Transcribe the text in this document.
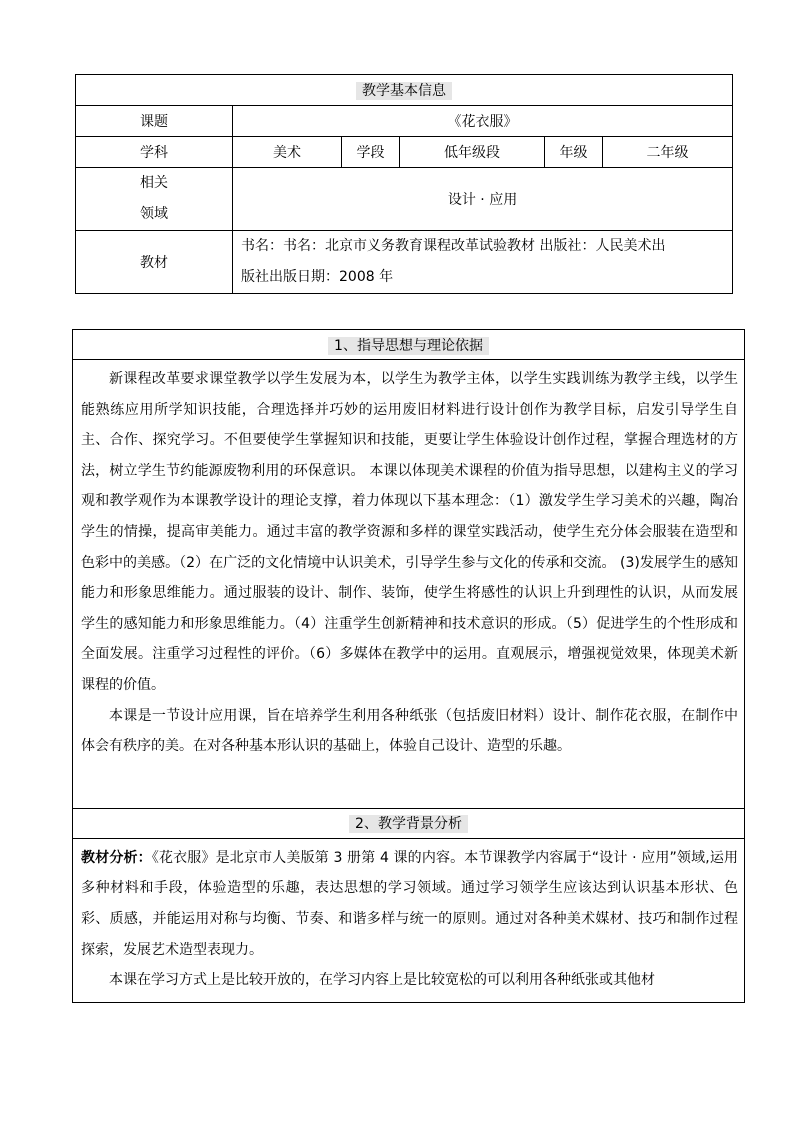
教学基本信息					
课题	《花衣服》				
学科	美术	学段	低年级段	年级	二年级

相关
领域	设计 · 应用				
教材	书名：书名：北京市义务教育课程改革试验教材 出版社：人民美术出
版社出版日期：2008 年				
1、指导思想与理论依据

新课程改革要求课堂教学以学生发展为本，以学生为教学主体，以学生实践训练为教学主线，以学生能熟练应用所学知识技能，合理选择并巧妙的运用废旧材料进行设计创作为教学目标，启发引导学生自主、合作、探究学习。不但要使学生掌握知识和技能，更要让学生体验设计创作过程，掌握合理选材的方法，树立学生节约能源废物利用的环保意识。 本课以体现美术课程的价值为指导思想，以建构主义的学习观和教学观作为本课教学设计的理论支撑，着力体现以下基本理念：（1）激发学生学习美术的兴趣，陶冶学生的情操，提高审美能力。通过丰富的教学资源和多样的课堂实践活动，使学生充分体会服装在造型和色彩中的美感。（2）在广泛的文化情境中认识美术，引导学生参与文化的传承和交流。 (3)发展学生的感知能力和形象思维能力。通过服装的设计、制作、装饰，使学生将感性的认识上升到理性的认识，从而发展学生的感知能力和形象思维能力。（4）注重学生创新精神和技术意识的形成。（5）促进学生的个性形成和全面发展。注重学习过程性的评价。（6）多媒体在教学中的运用。直观展示，增强视觉效果，体现美术新课程的价值。

本课是一节设计应用课，旨在培养学生利用各种纸张（包括废旧材料）设计、制作花衣服，在制作中体会有秩序的美。在对各种基本形认识的基础上，体验自己设计、造型的乐趣。

2、教学背景分析

教材分析：《花衣服》是北京市人美版第 3 册第 4 课的内容。本节课教学内容属于“设计 · 应用”领域,运用多种材料和手段，体验造型的乐趣，表达思想的学习领域。通过学习领学生应该达到认识基本形状、色彩、质感，并能运用对称与均衡、节奏、和谐多样与统一的原则。通过对各种美术媒材、技巧和制作过程探索，发展艺术造型表现力。

本课在学习方式上是比较开放的，在学习内容上是比较宽松的可以利用各种纸张或其他材
